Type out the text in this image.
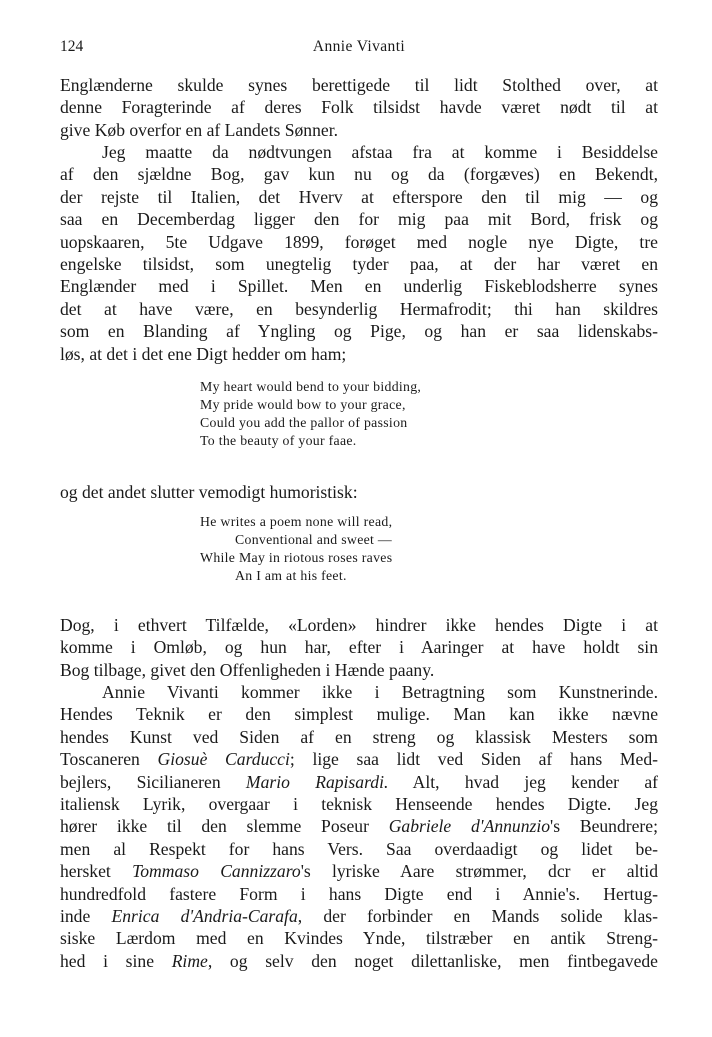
124	Annie Vivanti
Englænderne skulde synes berettigede til lidt Stolthed over, at
denne Foragterinde af deres Folk tilsidst havde været nødt til at
give Køb overfor en af Landets Sønner.
Jeg maatte da nødtvungen afstaa fra at komme i Besiddelse
af den sjældne Bog, gav kun nu og da (forgæves) en Bekendt,
der rejste til Italien, det Hverv at efterspore den til mig — og
saa en Decemberdag ligger den for mig paa mit Bord, frisk og
uopskaaren, 5te Udgave 1899, forøget med nogle nye Digte, tre
engelske tilsidst, som unegtelig tyder paa, at der har været en
Englænder med i Spillet. Men en underlig Fiskeblodsherre synes
det at have være, en besynderlig Hermafrodit; thi han skildres
som en Blanding af Yngling og Pige, og han er saa lidenskabs-
løs, at det i det ene Digt hedder om ham;
My heart would bend to your bidding,
My pride would bow to your grace,
Could you add the pallor of passion
To the beauty of your faae.
og det andet slutter vemodigt humoristisk:
He writes a poem none will read,
Conventional and sweet —
While May in riotous roses raves
An I am at his feet.
Dog, i ethvert Tilfælde, «Lorden» hindrer ikke hendes Digte i at
komme i Omløb, og hun har, efter i Aaringer at have holdt sin
Bog tilbage, givet den Offenligheden i Hænde paany.
Annie Vivanti kommer ikke i Betragtning som Kunstnerinde.
Hendes Teknik er den simplest mulige. Man kan ikke nævne
hendes Kunst ved Siden af en streng og klassisk Mesters som
Toscaneren Giosuè Carducci; lige saa lidt ved Siden af hans Med-
bejlers, Sicilianeren Mario Rapisardi. Alt, hvad jeg kender af
italiensk Lyrik, overgaar i teknisk Henseende hendes Digte. Jeg
hører ikke til den slemme Poseur Gabriele d'Annunzio's Beundrere;
men al Respekt for hans Vers. Saa overdaadigt og lidet be-
hersket Tommaso Cannizzaro's lyriske Aare strømmer, dcr er altid
hundredfold fastere Form i hans Digte end i Annie's. Hertug-
inde Enrica d'Andria-Carafa, der forbinder en Mands solide klas-
siske Lærdom med en Kvindes Ynde, tilstræber en antik Streng-
hed i sine Rime, og selv den noget dilettanliske, men fintbegavede
